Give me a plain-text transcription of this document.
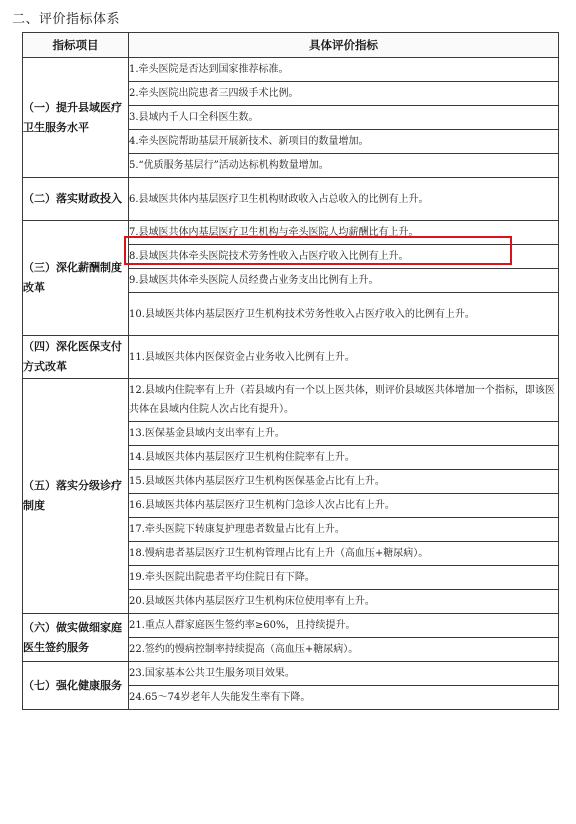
二、评价指标体系
指标项目	具体评价指标
（一）提升县域医疗卫生服务水平	1.牵头医院是否达到国家推荐标准。
	2.牵头医院出院患者三四级手术比例。
	3.县域内千人口全科医生数。
	4.牵头医院帮助基层开展新技术、新项目的数量增加。
	5.“优质服务基层行”活动达标机构数量增加。
（二）落实财政投入	6.县域医共体内基层医疗卫生机构财政收入占总收入的比例有上升。
（三）深化薪酬制度改革	7.县域医共体内基层医疗卫生机构与牵头医院人均薪酬比有上升。
	8.县域医共体牵头医院技术劳务性收入占医疗收入比例有上升。
	9.县域医共体牵头医院人员经费占业务支出比例有上升。
	10.县域医共体内基层医疗卫生机构技术劳务性收入占医疗收入的比例有上升。
（四）深化医保支付方式改革	11.县域医共体内医保资金占业务收入比例有上升。
（五）落实分级诊疗制度	12.县域内住院率有上升（若县域内有一个以上医共体，则评价县域医共体增加一个指标，即该医共体在县域内住院人次占比有提升）。
	13.医保基金县域内支出率有上升。
	14.县域医共体内基层医疗卫生机构住院率有上升。
	15.县域医共体内基层医疗卫生机构医保基金占比有上升。
	16.县域医共体内基层医疗卫生机构门急诊人次占比有上升。
	17.牵头医院下转康复护理患者数量占比有上升。
	18.慢病患者基层医疗卫生机构管理占比有上升（高血压+糖尿病）。
	19.牵头医院出院患者平均住院日有下降。
	20.县域医共体内基层医疗卫生机构床位使用率有上升。
（六）做实做细家庭医生签约服务	21.重点人群家庭医生签约率≥60%，且持续提升。
	22.签约的慢病控制率持续提高（高血压+糖尿病）。
（七）强化健康服务	23.国家基本公共卫生服务项目效果。
	24.65～74岁老年人失能发生率有下降。
